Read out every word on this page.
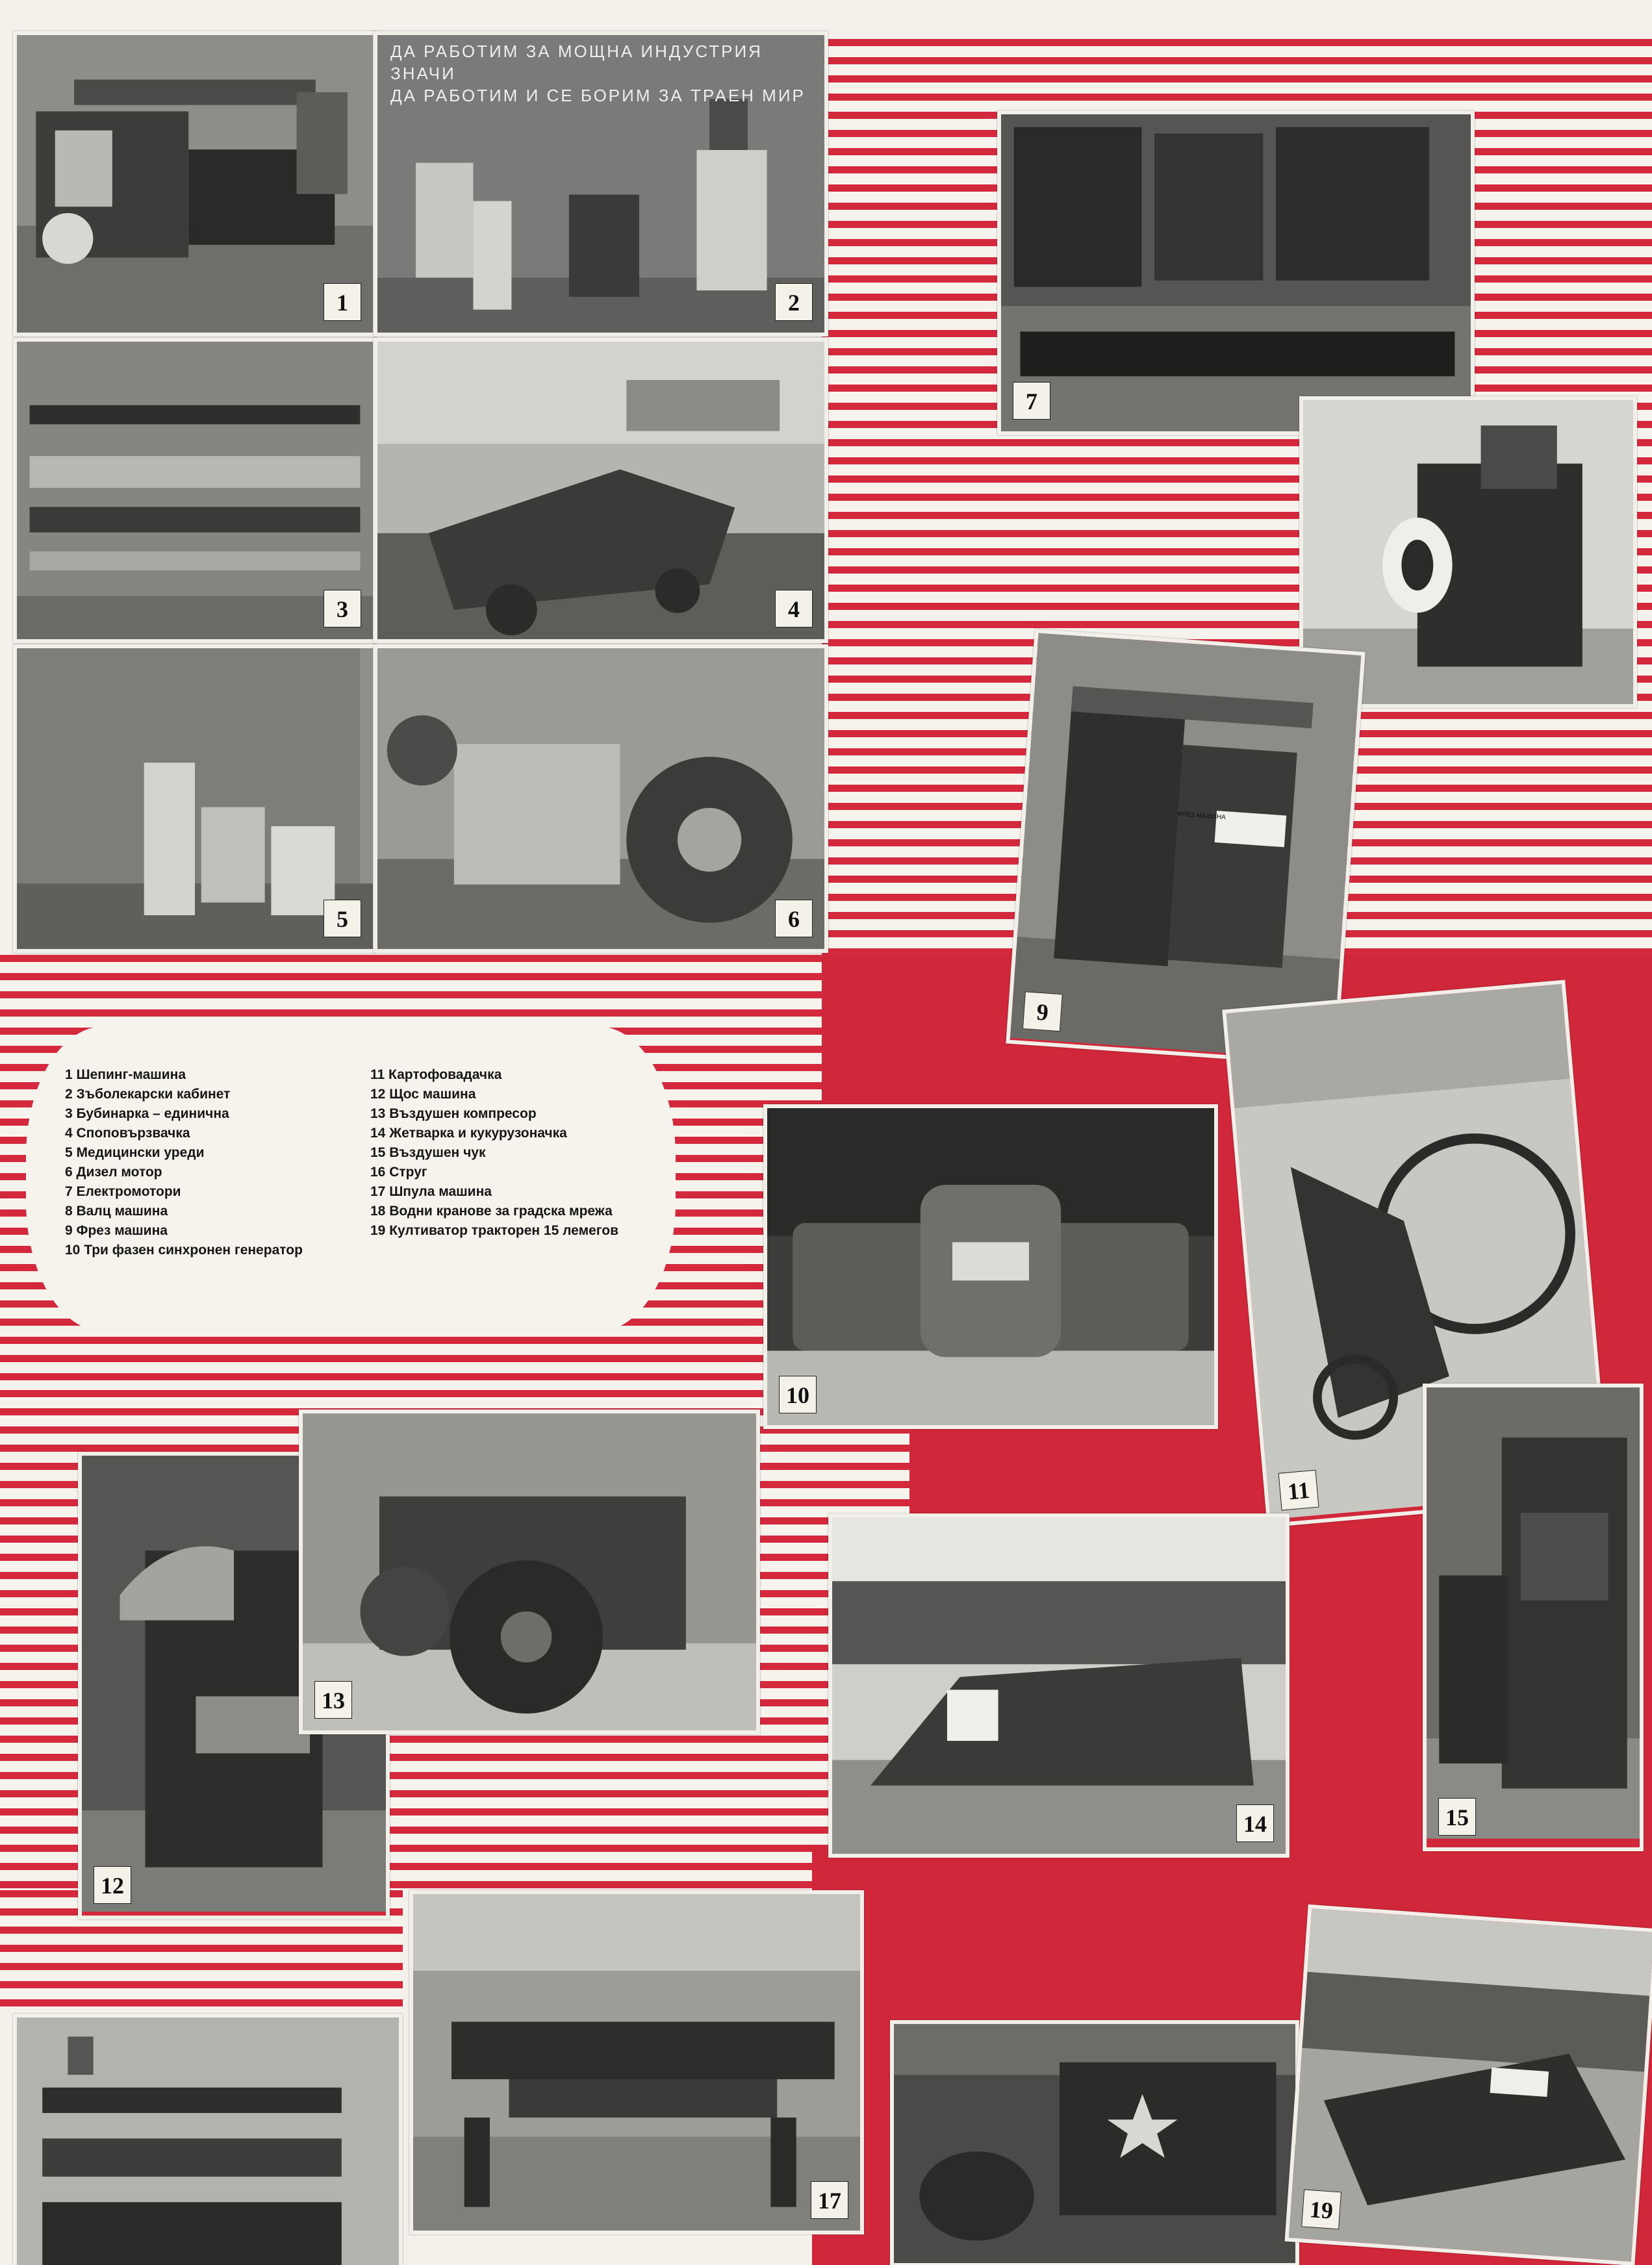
1
ДА РАБОТИМ ЗА МОЩНА ИНДУСТРИЯ ЗНАЧИ
ДА РАБОТИМ И СЕ БОРИМ ЗА ТРАЕН МИР
2
3	4
5	6
7
ФРЕЗ МАШИНА
9
10
11
12
13
14	15
17	19
1 Шепинг-машина
2 Зъболекарски кабинет
3 Бубинарка – единична
4 Споповързвачка
5 Медицински уреди
6 Дизел мотор
7 Електромотори
8 Валц машина
9 Фрез машина
10 Три фазен синхронен генератор
11 Картофовадачка
12 Щос машина
13 Въздушен компресор
14 Жетварка и кукурузоначка
15 Въздушен чук
16 Струг
17 Шпула машина
18 Водни кранове за градска мрежа
19 Култиватор тракторен 15 лемегов
